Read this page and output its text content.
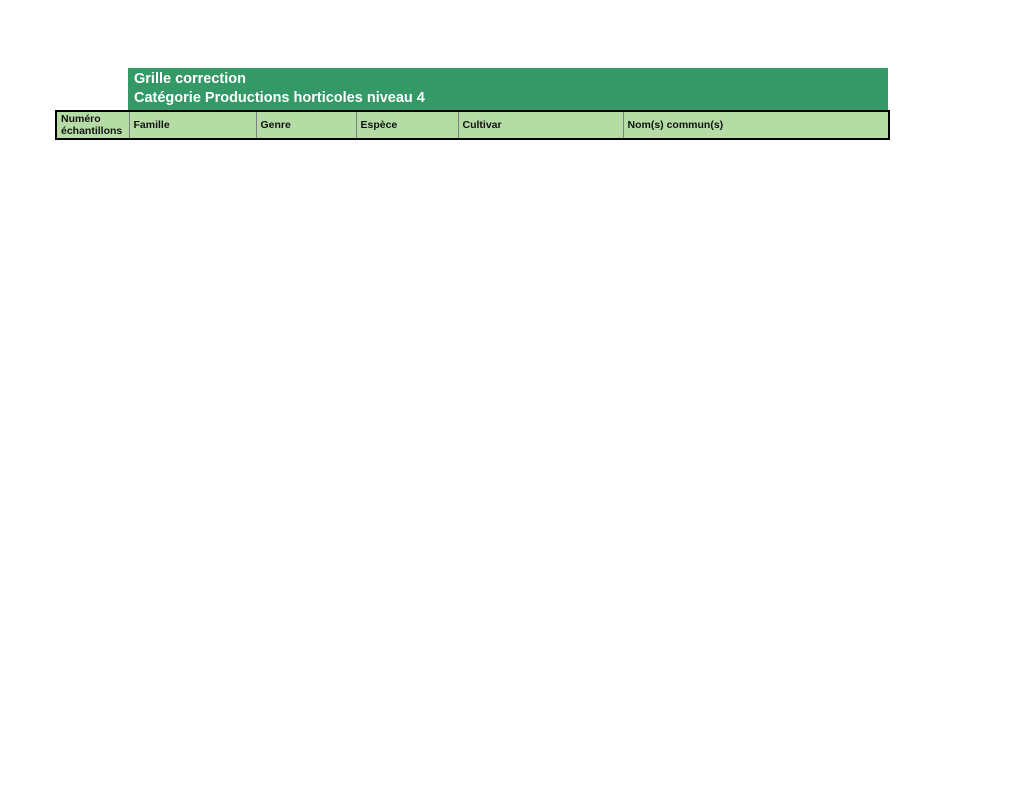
Grille correction
Catégorie Productions horticoles niveau 4
Numéro
échantillons	Famille	Genre	Espèce	Cultivar	Nom(s) commun(s)
